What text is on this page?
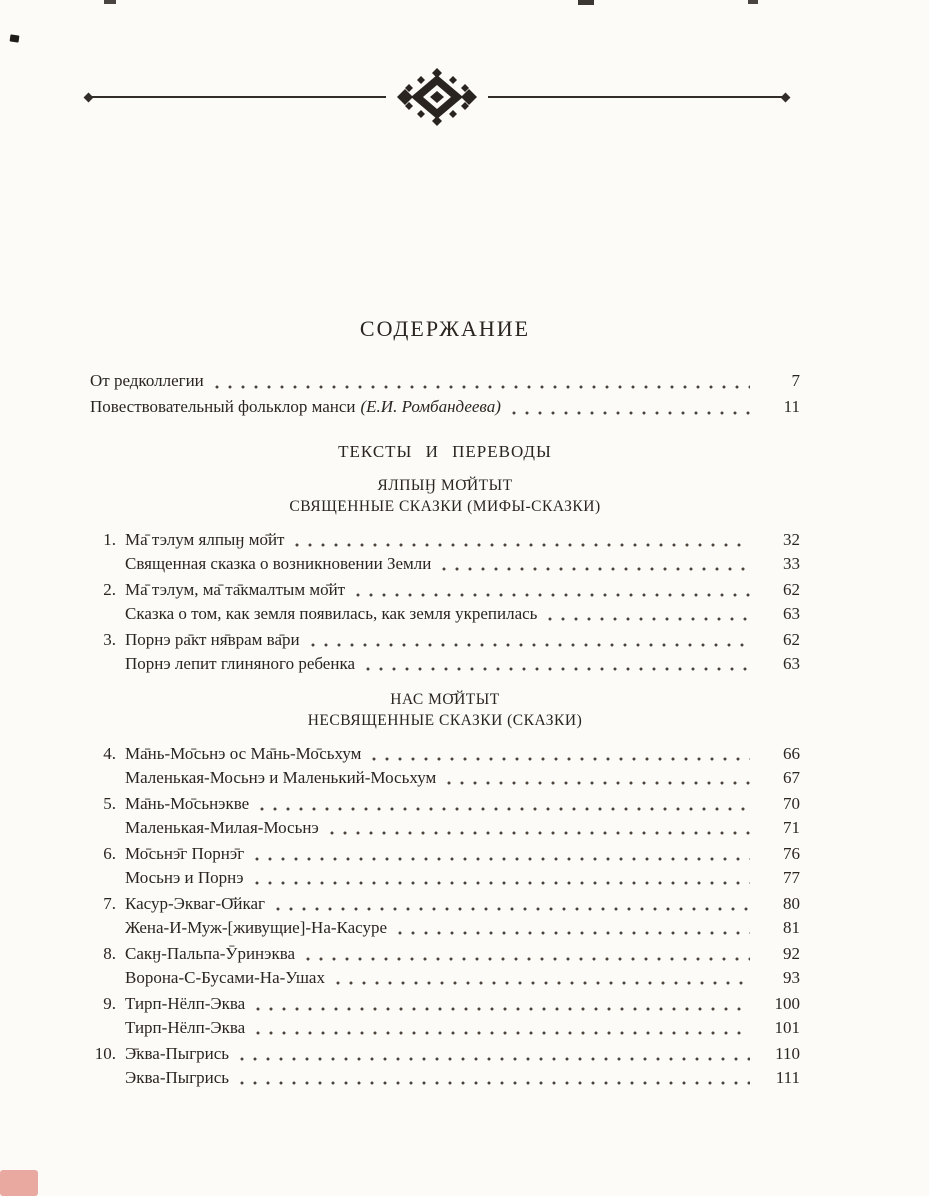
СОДЕРЖАНИЕ
От редколлегии	7
Повествовательный фольклор манси (Е.И. Ромбандеева)	11
ТЕКСТЫ И ПЕРЕВОДЫ
ЯЛПЫӇ МО̄ЙТЫТ
СВЯЩЕННЫЕ СКАЗКИ (МИФЫ-СКАЗКИ)
1. Ма̄ тэлум ялпыӈ мо̄йт	32
Священная сказка о возникновении Земли	33
2. Ма̄ тэлум, ма̄ та̄кмалтым мо̄йт	62
Сказка о том, как земля появилась, как земля укрепилась	63
3. Порнэ ра̄кт ня̄врам ва̄ри	62
Порнэ лепит глиняного ребенка	63
НАС МО̄ЙТЫТ
НЕСВЯЩЕННЫЕ СКАЗКИ (СКАЗКИ)
4. Ма̄нь-Мо̄сьнэ ос Ма̄нь-Мо̄сьхум	66
Маленькая-Мосьнэ и Маленький-Мосьхум	67
5. Ма̄нь-Мо̄сьнэкве	70
Маленькая-Милая-Мосьнэ	71
6. Мо̄сьнэ̄г Порнэ̄г	76
Мосьнэ и Порнэ	77
7. Касур-Экваг-О̄йкаг	80
Жена-И-Муж-[живущие]-На-Касуре	81
8. Сакӈ-Пальпа-Ӯринэква	92
Ворона-С-Бусами-На-Ушах	93
9. Тирп-Нёлп-Эква	100
Тирп-Нёлп-Эква	101
10. Э̄ква-Пыгрись	110
Эква-Пыгрись	111
